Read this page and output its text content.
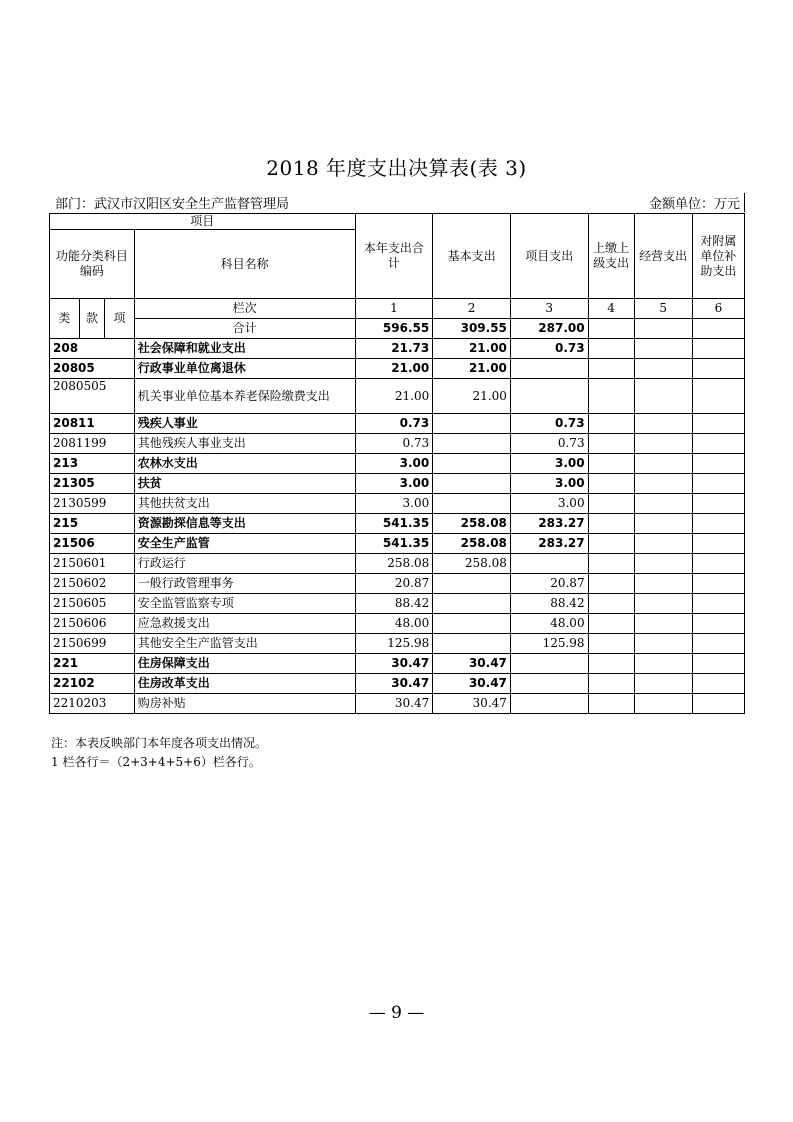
2018 年度支出决算表(表 3)
部门：武汉市汉阳区安全生产监督管理局	金额单位：万元
项目				本年支出合计	基本支出	项目支出	上缴上级支出	经营支出	对附属单位补助支出
功能分类科目编码			科目名称						
类	款	项	栏次	1	2	3	4	5	6
			合计	596.55	309.55	287.00			
208			社会保障和就业支出	21.73	21.00	0.73			
20805			行政事业单位离退休	21.00	21.00				
2080505			机关事业单位基本养老保险缴费支出	21.00	21.00				
20811			残疾人事业	0.73		0.73			
2081199			其他残疾人事业支出	0.73		0.73			
213			农林水支出	3.00		3.00			
21305			扶贫	3.00		3.00			
2130599			其他扶贫支出	3.00		3.00			
215			资源勘探信息等支出	541.35	258.08	283.27			
21506			安全生产监管	541.35	258.08	283.27			
2150601			行政运行	258.08	258.08				
2150602			一般行政管理事务	20.87		20.87			
2150605			安全监管监察专项	88.42		88.42			
2150606			应急救援支出	48.00		48.00			
2150699			其他安全生产监管支出	125.98		125.98			
221			住房保障支出	30.47	30.47				
22102			住房改革支出	30.47	30.47				
2210203			购房补贴	30.47	30.47				
注：本表反映部门本年度各项支出情况。
1 栏各行＝（2+3+4+5+6）栏各行。
— 9 —
